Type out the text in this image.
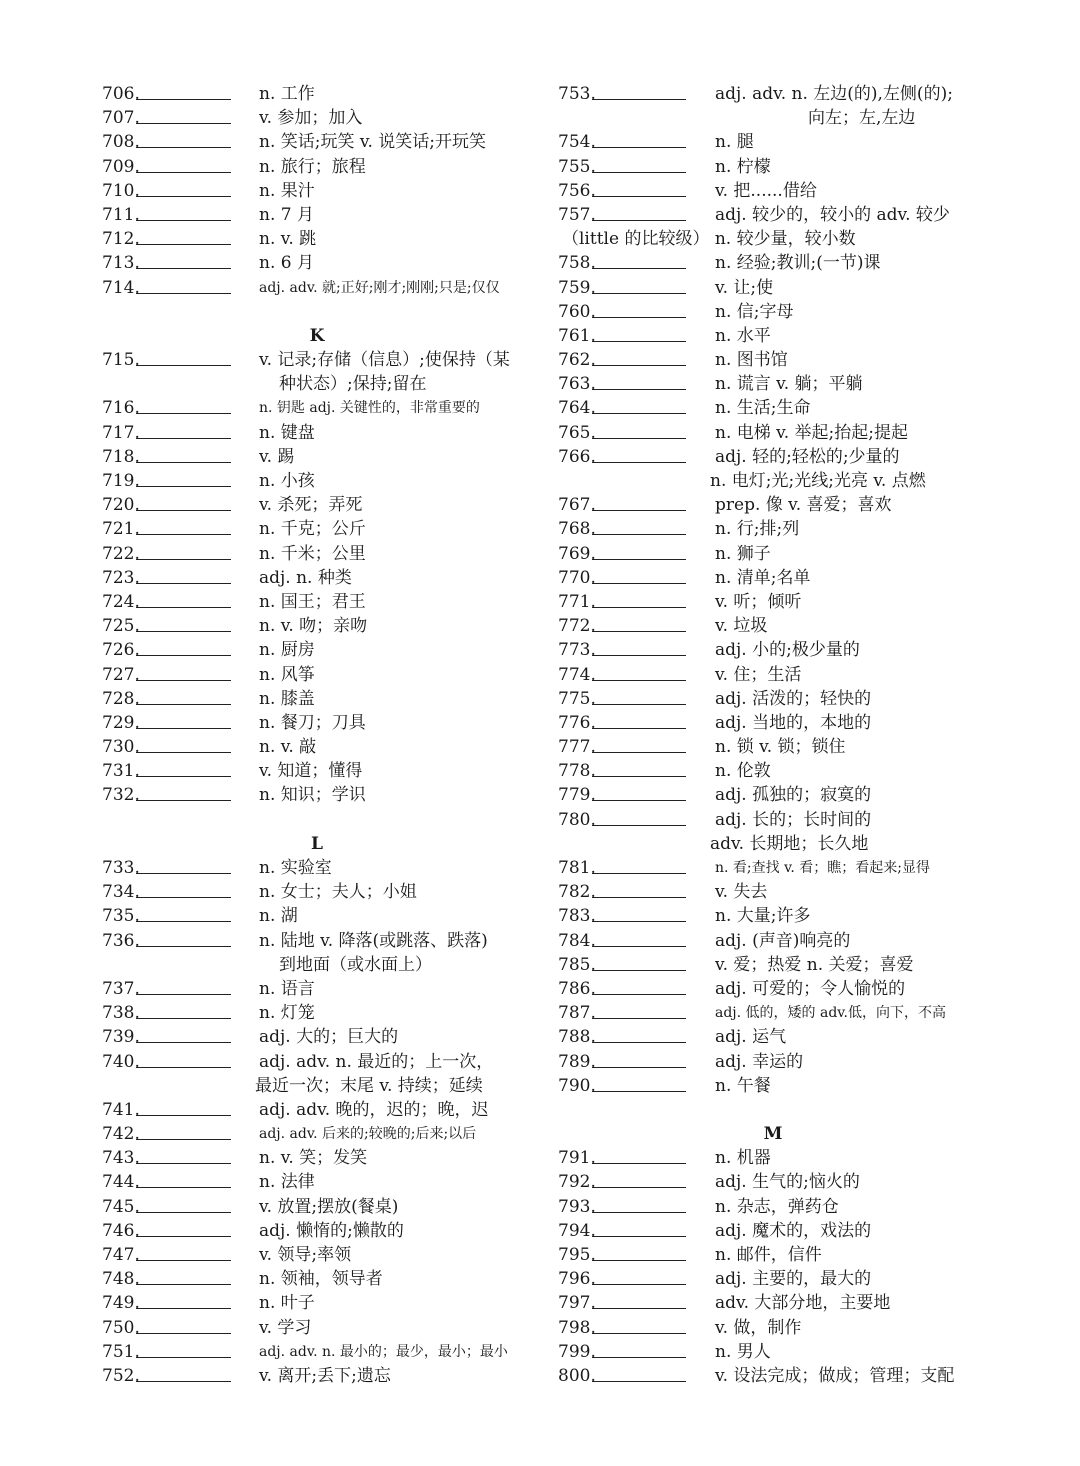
706.	n. 工作
707.	v. 参加；加入
708.	n. 笑话;玩笑 v. 说笑话;开玩笑
709.	n. 旅行；旅程
710.	n. 果汁
711.	n. 7 月
712.	n. v. 跳
713.	n. 6 月
714.	adj. adv. 就;正好;刚才;刚刚;只是;仅仅
K
715.	v. 记录;存储（信息）;使保持（某
种状态）;保持;留在
716.	n. 钥匙 adj. 关键性的，非常重要的
717.	n. 键盘
718.	v. 踢
719.	n. 小孩
720.	v. 杀死；弄死
721.	n. 千克；公斤
722.	n. 千米；公里
723.	adj. n. 种类
724.	n. 国王；君王
725.	n. v. 吻；亲吻
726.	n. 厨房
727.	n. 风筝
728.	n. 膝盖
729.	n. 餐刀；刀具
730.	n. v. 敲
731.	v. 知道；懂得
732.	n. 知识；学识
L
733.	n. 实验室
734.	n. 女士；夫人；小姐
735.	n. 湖
736.	n. 陆地 v. 降落(或跳落、跌落)
到地面（或水面上）
737.	n. 语言
738.	n. 灯笼
739.	adj. 大的；巨大的
740.	adj. adv. n. 最近的；上一次，
最近一次；末尾 v. 持续；延续
741.	adj. adv. 晚的，迟的；晚，迟
742.	adj. adv. 后来的;较晚的;后来;以后
743.	n. v. 笑；发笑
744.	n. 法律
745.	v. 放置;摆放(餐桌)
746.	adj. 懒惰的;懒散的
747.	v. 领导;率领
748.	n. 领袖，领导者
749.	n. 叶子
750.	v. 学习
751.	adj. adv. n. 最小的；最少，最小；最小
752.	v. 离开;丢下;遗忘
753.	adj. adv. n. 左边(的),左侧(的);
向左；左,左边
754.	n. 腿
755.	n. 柠檬
756.	v. 把......借给
757.	adj. 较少的，较小的 adv. 较少
（little 的比较级） n. 较少量，较小数
758.	n. 经验;教训;(一节)课
759.	v. 让;使
760.	n. 信;字母
761.	n. 水平
762.	n. 图书馆
763.	n. 谎言 v. 躺；平躺
764.	n. 生活;生命
765.	n. 电梯 v. 举起;抬起;提起
766.	adj. 轻的;轻松的;少量的
n. 电灯;光;光线;光亮 v. 点燃
767.	prep. 像 v. 喜爱；喜欢
768.	n. 行;排;列
769.	n. 狮子
770.	n. 清单;名单
771.	v. 听；倾听
772.	v. 垃圾
773.	adj. 小的;极少量的
774.	v. 住；生活
775.	adj. 活泼的；轻快的
776.	adj. 当地的，本地的
777.	n. 锁 v. 锁；锁住
778.	n. 伦敦
779.	adj. 孤独的；寂寞的
780.	adj. 长的；长时间的
adv. 长期地；长久地
781.	n. 看;查找 v. 看；瞧；看起来;显得
782.	v. 失去
783.	n. 大量;许多
784.	adj. (声音)响亮的
785.	v. 爱；热爱 n. 关爱；喜爱
786.	adj. 可爱的；令人愉悦的
787.	adj. 低的，矮的 adv.低，向下，不高
788.	adj. 运气
789.	adj. 幸运的
790.	n. 午餐
M
791.	n. 机器
792.	adj. 生气的;恼火的
793.	n. 杂志，弹药仓
794.	adj. 魔术的，戏法的
795.	n. 邮件，信件
796.	adj. 主要的，最大的
797.	adv. 大部分地，主要地
798.	v. 做，制作
799.	n. 男人
800.	v. 设法完成；做成；管理；支配
